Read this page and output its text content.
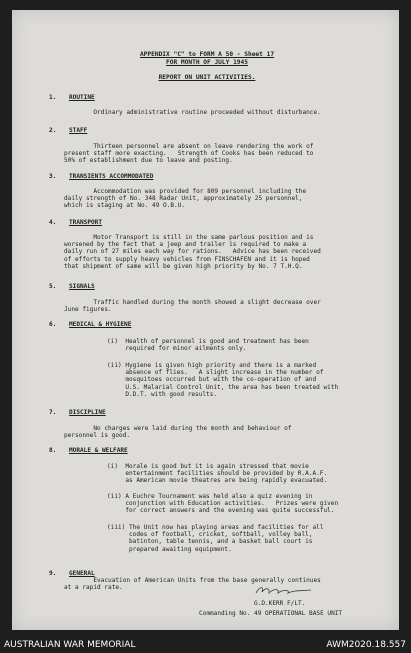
APPENDIX "C" to FORM A 50 - Sheet 17
FOR MONTH OF JULY 1945
REPORT ON UNIT ACTIVITIES.
1. ROUTINE
Ordinary administrative routine proceeded without disturbance.
2. STAFF
Thirteen personnel are absent on leave rendering the work of
present staff more exacting.   Strength of Cooks has been reduced to
50% of establishment due to leave and posting.
3. TRANSIENTS ACCOMMODATED
Accommodation was provided for 809 personnel including the
daily strength of No. 348 Radar Unit, approximately 25 personnel,
which is staging at No. 49 O.B.U.
4. TRANSPORT
Motor Transport is still in the same parlous position and is
worsened by the fact that a jeep and trailer is required to make a
daily run of 27 miles each way for rations.   Advice has been received
of efforts to supply heavy vehicles from FINSCHAFEN and it is hoped
that shipment of same will be given high priority by No. 7 T.H.Q.
5. SIGNALS
Traffic handled during the month showed a slight decrease over
June figures.
6. MEDICAL & HYGIENE
(i)  Health of personnel is good and treatment has been
required for minor ailments only.
(ii) Hygiene is given high priority and there is a marked
absence of flies.   A slight increase in the number of
mosquitoes occurred but with the co-operation of and
U.S. Malarial Control Unit, the area has been treated with
D.D.T. with good results.
7. DISCIPLINE
No charges were laid during the month and behaviour of
personnel is good.
8. MORALE & WELFARE
(i)  Morale is good but it is again stressed that movie
entertainment facilities should be provided by R.A.A.F.
as American movie theatres are being rapidly evacuated.
(ii) A Euchre Tournament was held also a quiz evening in
conjunction with Education activities.   Prizes were given
for correct answers and the evening was quite successful.
(iii) The Unit now has playing areas and facilities for all
codes of football, cricket, softball, volley ball,
batinton, table tennis, and a basket ball court is
prepared awaiting equipment.
9. GENERAL
Evacuation of American Units from the base generally continues
at a rapid rate.
G.D.KERR F/LT.
Commanding No. 49 OPERATIONAL BASE UNIT
AUSTRALIAN WAR MEMORIAL	AWM2020.18.557
